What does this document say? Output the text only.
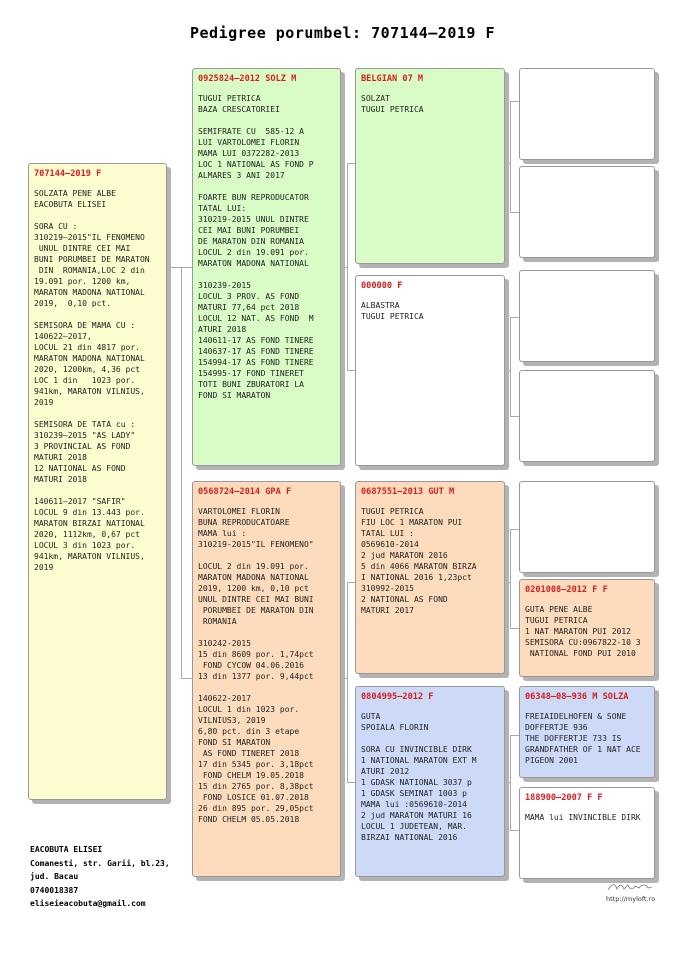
Pedigree porumbel: 707144–2019 F
707144–2019 F
SOLZATA PENE ALBE
EACOBUTA ELISEI

SORA CU :
310219–2015"IL FENOMENO
UNUL DINTRE CEI MAI
BUNI PORUMBEI DE MARATON
DIN  ROMANIA,LOC 2 din
19.091 por. 1200 km,
MARATON MADONA NATIONAL
2019,  0,10 pct.

SEMISORA DE MAMA CU :
140622–2017,
LOCUL 21 din 4817 por.
MARATON MADONA NATIONAL
2020, 1200km, 4,36 pct
LOC 1 din   1023 por.
941km, MARATON VILNIUS,
2019

SEMISORA DE TATA cu :
310239–2015 "AS LADY"
3 PROVINCIAL AS FOND
MATURI 2018
12 NATIONAL AS FOND
MATURI 2018

140611–2017 "SAFIR"
LOCUL 9 din 13.443 por.
MARATON BIRZAI NATIONAL
2020, 1112km, 0,67 pct
LOCUL 3 din 1023 por.
941km, MARATON VILNIUS,
2019
0925824–2012 SOLZ M
TUGUI PETRICA
BAZA CRESCATORIEI

SEMIFRATE CU  585-12 A
LUI VARTOLOMEI FLORIN
MAMA LUI 0372282-2013
LOC 1 NATIONAL AS FOND P
ALMARES 3 ANI 2017

FOARTE BUN REPRODUCATOR
TATAL LUI:
310219-2015 UNUL DINTRE
CEI MAI BUNI PORUMBEI
DE MARATON DIN ROMANIA
LOCUL 2 din 19.091 por.
MARATON MADONA NATIONAL

310239-2015
LOCUL 3 PROV. AS FOND
MATURI 77,64 pct 2018
LOCUL 12 NAT. AS FOND  M
ATURI 2018
140611-17 AS FOND TINERE
140637-17 AS FOND TINERE
154994-17 AS FOND TINERE
154995-17 FOND TINERET
TOTI BUNI ZBURATORI LA
FOND SI MARATON
0568724–2014 GPA F
VARTOLOMEI FLORIN
BUNA REPRODUCATOARE
MAMA lui :
310219-2015"IL FENOMENO"

LOCUL 2 din 19.091 por.
MARATON MADONA NATIONAL
2019, 1200 km, 0,10 pct
UNUL DINTRE CEI MAI BUNI
PORUMBEI DE MARATON DIN
ROMANIA

310242-2015
15 din 8609 por. 1,74pct
FOND CYCOW 04.06.2016
13 din 1377 por. 9,44pct

140622-2017
LOCUL 1 din 1023 por.
VILNIUS3, 2019
6,80 pct. din 3 etape
FOND SI MARATON
AS FOND TINERET 2018
17 din 5345 por. 3,18pct
FOND CHELM 19.05.2018
15 din 2765 por. 8,38pct
FOND LOSICE 01.07.2018
26 din 895 por. 29,05pct
FOND CHELM 05.05.2018
BELGIAN 07 M
SOLZAT
TUGUI PETRICA
000000 F
ALBASTRA
TUGUI PETRICA
0687551–2013 GUT M
TUGUI PETRICA
FIU LOC 1 MARATON PUI
TATAL LUI :
0569610-2014
2 jud MARATON 2016
5 din 4066 MARATON BIRZA
I NATIONAL 2016 1,23pct
310992-2015
2 NATIONAL AS FOND
MATURI 2017
0804995–2012 F
GUTA
SPOIALA FLORIN

SORA CU INVINCIBLE DIRK
1 NATIONAL MARATON EXT M
ATURI 2012
1 GDASK NATIONAL 3037 p
1 GDASK SEMINAT 1003 p
MAMA lui :0569610-2014
2 jud MARATON MATURI 16
LOCUL 1 JUDETEAN, MAR.
BIRZAI NATIONAL 2016
0201008–2012 F F
GUTA PENE ALBE
TUGUI PETRICA
1 NAT MARATON PUI 2012
SEMISORA CU:0967822-10 3
NATIONAL FOND PUI 2010
06348–08–936 M SOLZA
FREIAIDELHOFEN & SONE
DOFFERTJE 936
THE DOFFERTJE 733 IS
GRANDFATHER OF 1 NAT ACE
PIGEON 2001
188900–2007 F F
MAMA lui INVINCIBLE DIRK
EACOBUTA ELISEI
Comanesti, str. Garii, bl.23,
jud. Bacau
0740018387
eliseieacobuta@gmail.com	http://myloft.ro
